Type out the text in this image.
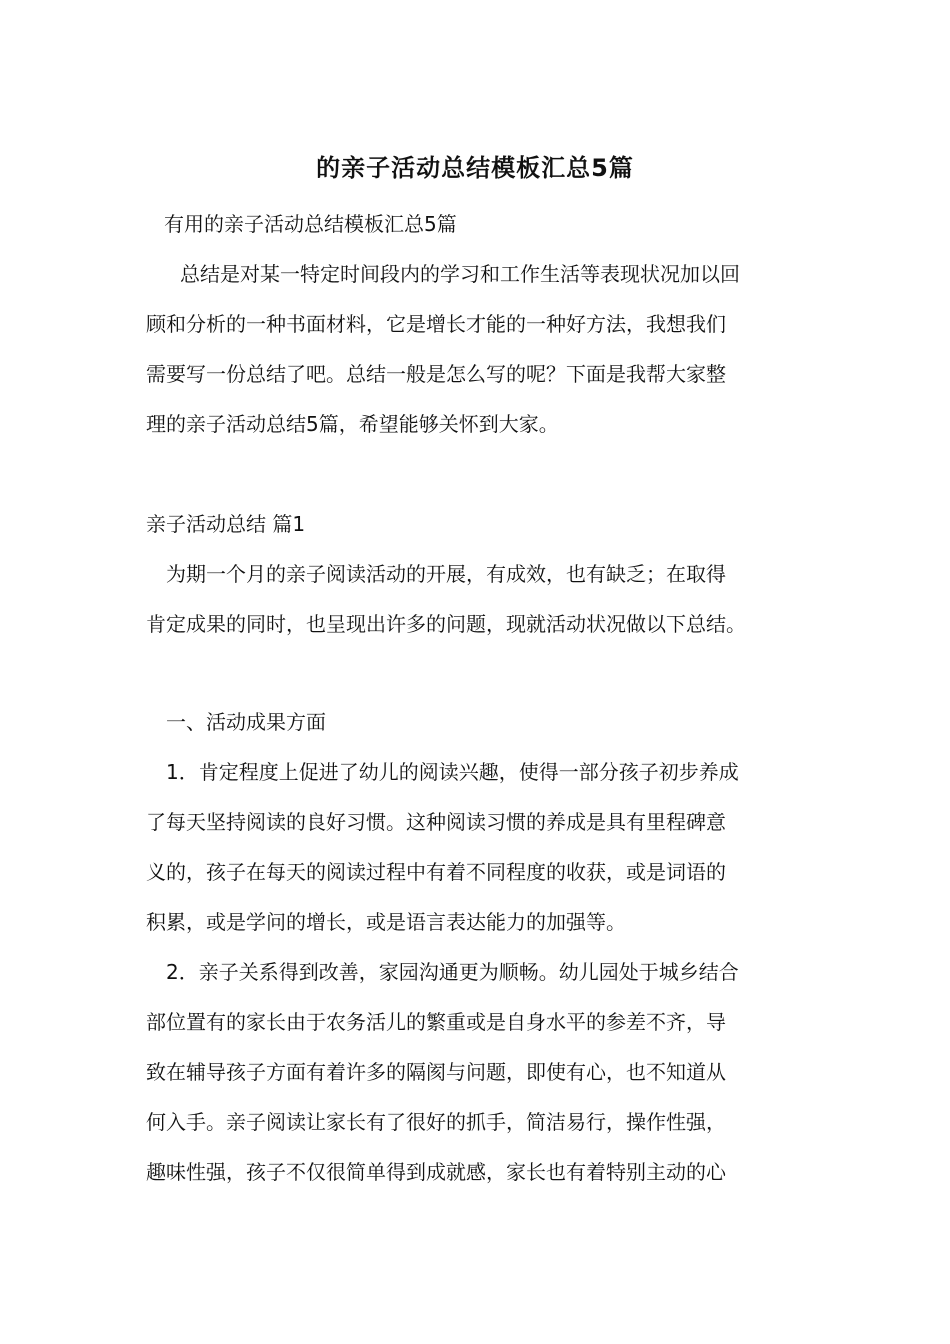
的亲子活动总结模板汇总5篇
有用的亲子活动总结模板汇总5篇
总结是对某一特定时间段内的学习和工作生活等表现状况加以回
顾和分析的一种书面材料，它是增长才能的一种好方法，我想我们
需要写一份总结了吧。总结一般是怎么写的呢？下面是我帮大家整
理的亲子活动总结5篇，希望能够关怀到大家。
亲子活动总结 篇1
为期一个月的亲子阅读活动的开展，有成效，也有缺乏；在取得
肯定成果的同时，也呈现出许多的问题，现就活动状况做以下总结。
一、活动成果方面
1．肯定程度上促进了幼儿的阅读兴趣，使得一部分孩子初步养成
了每天坚持阅读的良好习惯。这种阅读习惯的养成是具有里程碑意
义的，孩子在每天的阅读过程中有着不同程度的收获，或是词语的
积累，或是学问的增长，或是语言表达能力的加强等。
2．亲子关系得到改善，家园沟通更为顺畅。幼儿园处于城乡结合
部位置有的家长由于农务活儿的繁重或是自身水平的参差不齐，导
致在辅导孩子方面有着许多的隔阂与问题，即使有心，也不知道从
何入手。亲子阅读让家长有了很好的抓手，简洁易行，操作性强，
趣味性强，孩子不仅很简单得到成就感，家长也有着特别主动的心
